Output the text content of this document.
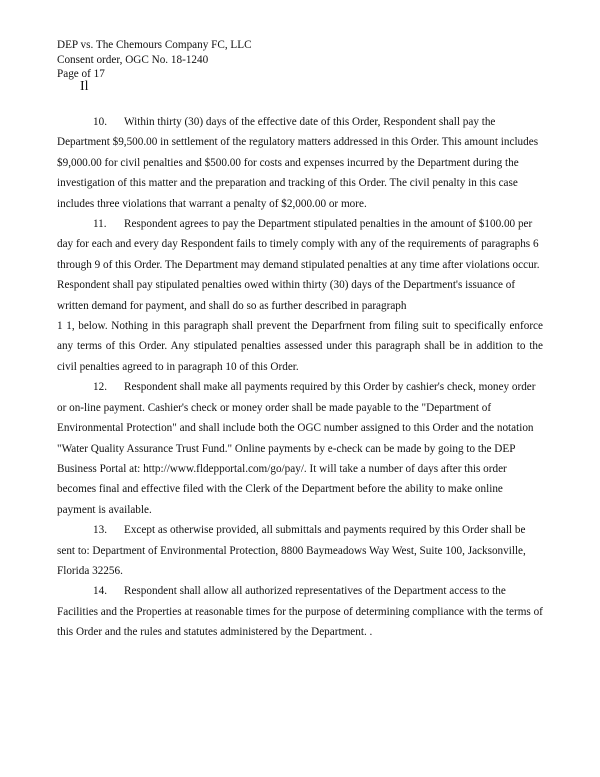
DEP vs. The Chemours Company FC, LLC
Consent order, OGC No. 18-1240
Page of 17
Il

10. Within thirty (30) days of the effective date of this Order, Respondent shall pay the Department $9,500.00 in settlement of the regulatory matters addressed in this Order. This amount includes $9,000.00 for civil penalties and $500.00 for costs and expenses incurred by the Department during the investigation of this matter and the preparation and tracking of this Order. The civil penalty in this case includes three violations that warrant a penalty of $2,000.00 or more.

11. Respondent agrees to pay the Department stipulated penalties in the amount of $100.00 per day for each and every day Respondent fails to timely comply with any of the requirements of paragraphs 6 through 9 of this Order. The Department may demand stipulated penalties at any time after violations occur. Respondent shall pay stipulated penalties owed within thirty (30) days of the Department's issuance of written demand for payment, and shall do so as further described in paragraph

1 1, below. Nothing in this paragraph shall prevent the Deparfrnent from filing suit to specifically enforce any terms of this Order. Any stipulated penalties assessed under this paragraph shall be in addition to the civil penalties agreed to in paragraph 10 of this Order.

12. Respondent shall make all payments required by this Order by cashier's check, money order or on-line payment. Cashier's check or money order shall be made payable to the "Department of Environmental Protection" and shall include both the OGC number assigned to this Order and the notation "Water Quality Assurance Trust Fund." Online payments by e-check can be made by going to the DEP Business Portal at: http://www.fldepportal.com/go/pay/. It will take a number of days after this order becomes final and effective filed with the Clerk of the Department before the ability to make online payment is available.

13. Except as otherwise provided, all submittals and payments required by this Order shall be sent to: Department of Environmental Protection, 8800 Baymeadows Way West, Suite 100, Jacksonville, Florida 32256.

14. Respondent shall allow all authorized representatives of the Department access to the Facilities and the Properties at reasonable times for the purpose of determining compliance with the terms of this Order and the rules and statutes administered by the Department. .
